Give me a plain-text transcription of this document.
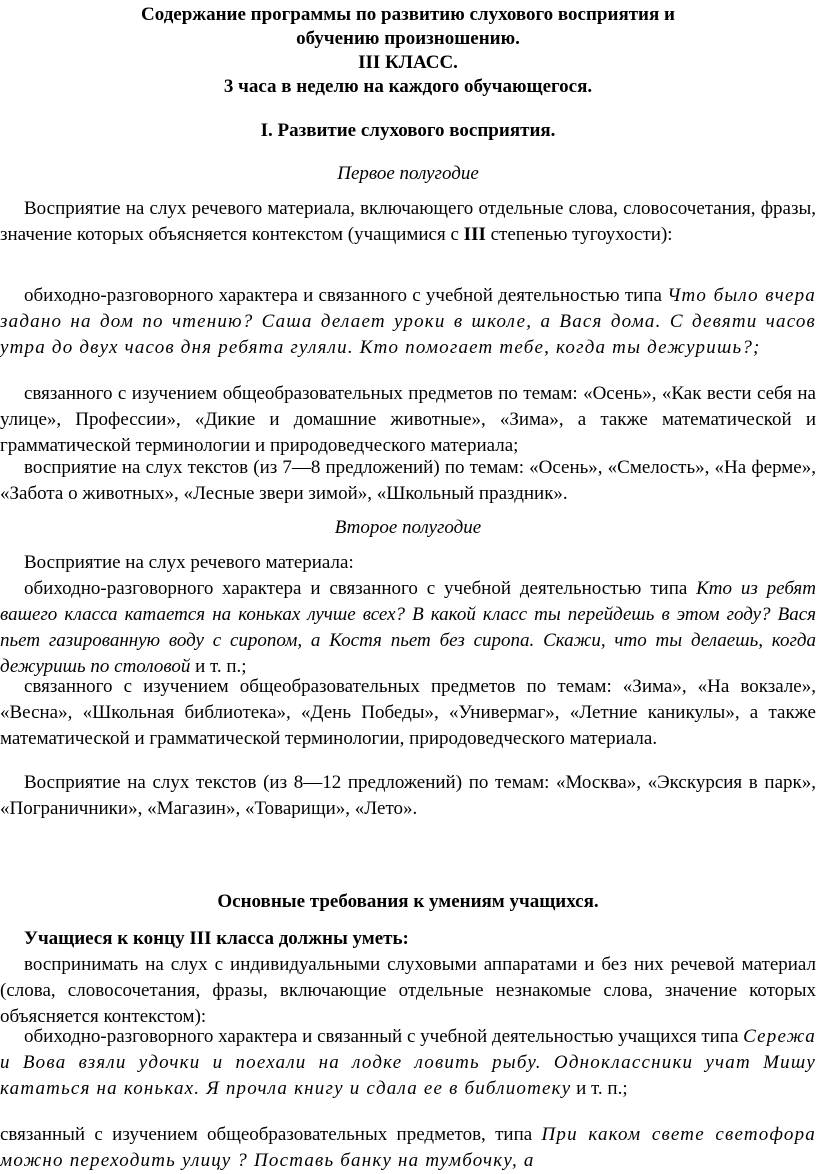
Содержание программы по развитию слухового восприятия и
обучению произношению.
III КЛАСС.
3 часа в неделю на каждого обучающегося.
I. Развитие слухового восприятия.
Первое полугодие

Восприятие на слух речевого материала, включающего отдельные слова, словосочетания, фразы, значение которых объясняется контекстом (учащимися с III степенью тугоухости):

обиходно-разговорного характера и связанного с учебной деятельностью типа Что было вчера задано на дом по чтению? Саша делает уроки в школе, а Вася дома. С девяти часов утра до двух часов дня ребята гуляли. Кто помогает тебе, когда ты дежуришь?;

связанного с изучением общеобразовательных предметов по темам: «Осень», «Как вести себя на улице», Профессии», «Дикие и домашние животные», «Зима», а также математической и грамматической терминологии и природоведческого материала;

восприятие на слух текстов (из 7—8 предложений) по темам: «Осень», «Смелость», «На ферме», «Забота о животных», «Лесные звери зимой», «Школьный праздник».

Второе полугодие

Восприятие на слух речевого материала:

обиходно-разговорного характера и связанного с учебной деятельностью типа Кто из ребят вашего класса катается на коньках лучше всех? В какой класс ты перейдешь в этом году? Вася пьет газированную воду с сиропом, а Костя пьет без сиропа. Скажи, что ты делаешь, когда дежуришь по столовой и т. п.;

связанного с изучением общеобразовательных предметов по темам: «Зима», «На вокзале», «Весна», «Школьная библиотека», «День Победы», «Универмаг», «Летние каникулы», а также математической и грамматической терминологии, природоведческого материала.

Восприятие на слух текстов (из 8—12 предложений) по темам: «Москва», «Экскурсия в парк», «Пограничники», «Магазин», «Товарищи», «Лето».

Основные требования к умениям учащихся.

Учащиеся к концу III класса должны уметь:

воспринимать на слух с индивидуальными слуховыми аппаратами и без них речевой материал (слова, словосочетания, фразы, включающие отдельные незнакомые слова, значение которых объясняется контекстом):

обиходно-разговорного характера и связанный с учебной деятельностью учащихся типа Сережа и Вова взяли удочки и поехали на лодке ловить рыбу. Одноклассники учат Мишу кататься на коньках. Я прочла книгу и сдала ее в библиотеку и т. п.;

связанный с изучением общеобразовательных предметов, типа При каком свете светофора можно переходить улицу ? Поставь банку на тумбочку, а
